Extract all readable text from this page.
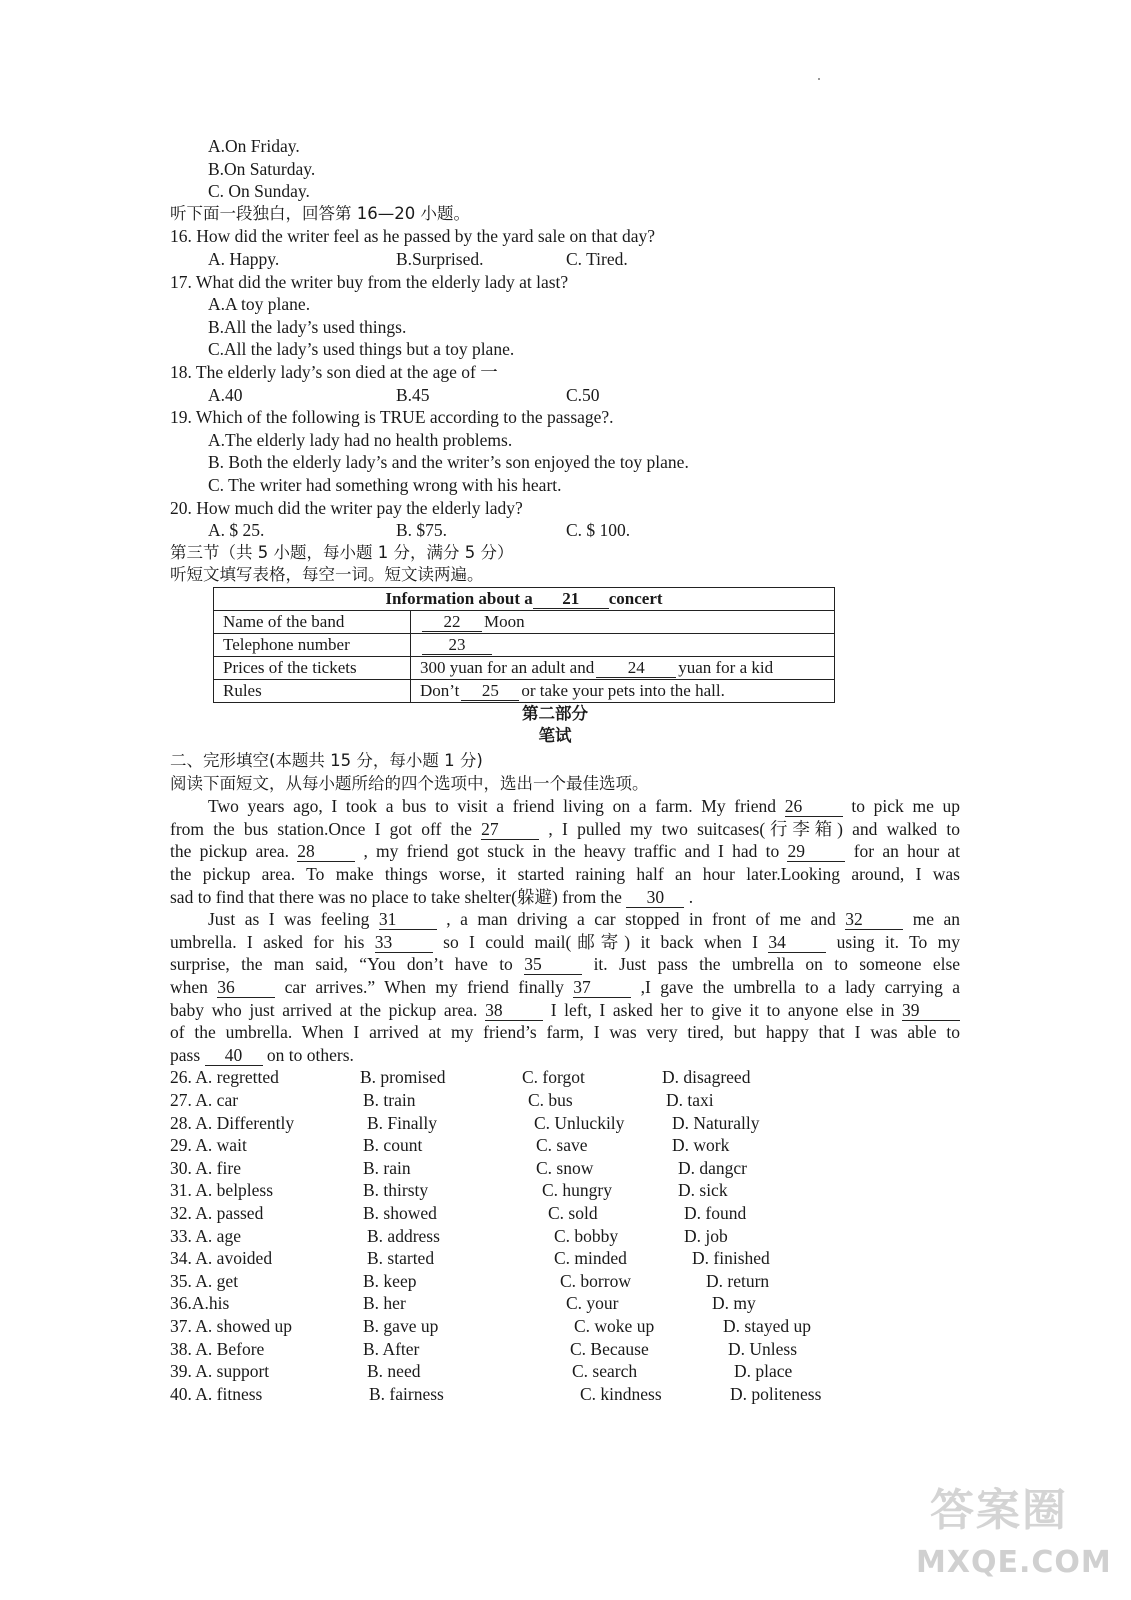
A.On Friday.
B.On Saturday.
C. On Sunday.
听下面一段独白，回答第 16—20 小题。
16. How did the writer feel as he passed by the yard sale on that day?
A. Happy.	B.Surprised.	C. Tired.
17. What did the writer buy from the elderly lady at last?
A.A toy plane.
B.All the lady’s used things.
C.All the lady’s used things but a toy plane.
18. The elderly lady’s son died at the age of 一
A.40	B.45	C.50
19. Which of the following is TRUE according to the passage?.
A.The elderly lady had no health problems.
B. Both the elderly lady’s and the writer’s son enjoyed the toy plane.
C. The writer had something wrong with his heart.
20. How much did the writer pay the elderly lady?
A. $ 25.	B. $75.	C. $ 100.
第三节（共 5 小题，每小题 1 分，满分 5 分）
听短文填写表格，每空一词。短文读两遍。
Information about a 21 concert	
Name of the band	22 Moon
Telephone number	23
Prices of the tickets	300 yuan for an adult and 24 yuan for a kid
Rules	Don’t 25 or take your pets into the hall.
第二部分
笔试
二、完形填空(本题共 15 分，每小题 1 分)
阅读下面短文，从每小题所给的四个选项中，选出一个最佳选项。
Two years ago, I took a bus to visit a friend living on a farm. My friend 26	to pick me up
from the bus station.Once I got off the 27	, I pulled my two suitcases(行李箱) and walked to
the pickup area. 28	, my friend got stuck in the heavy traffic and I had to 29	for an hour at
the pickup area. To make things worse, it started raining half an hour later.Looking around, I was
sad to find that there was no place to take shelter(躲避) from the 30 .
Just as I was feeling 31	, a man driving a car stopped in front of me and 32	me an
umbrella. I asked for his 33	so I could mail(邮寄) it back when I 34	using it. To my
surprise, the man said, “You don’t have to 35	it. Just pass the umbrella on to someone else
when 36	car arrives.” When my friend finally 37	,I gave the umbrella to a lady carrying a
baby who just arrived at the pickup area. 38	I left, I asked her to give it to anyone else in 39
of the umbrella. When I arrived at my friend’s farm, I was very tired, but happy that I was able to
pass 40 on to others.
26. A. regretted	B. promised	C. forgot	D. disagreed
27. A. car	B. train	C. bus	D. taxi
28. A. Differently	B. Finally	C. Unluckily	D. Naturally
29. A. wait	B. count	C. save	D. work
30. A. fire	B. rain	C. snow	D. dangcr
31. A. belpless	B. thirsty	C. hungry	D. sick
32. A. passed	B. showed	C. sold	D. found
33. A. age	B. address	C. bobby	D. job
34. A. avoided	B. started	C. minded	D. finished
35. A. get	B. keep	C. borrow	D. return
36.A.his	B. her	C. your	D. my
37. A. showed up	B. gave up	C. woke up	D. stayed up
38. A. Before	B. After	C. Because	D. Unless
39. A. support	B. need	C. search	D. place
40. A. fitness	B. fairness	C. kindness	D. politeness
答案圈
MXQE.COM
